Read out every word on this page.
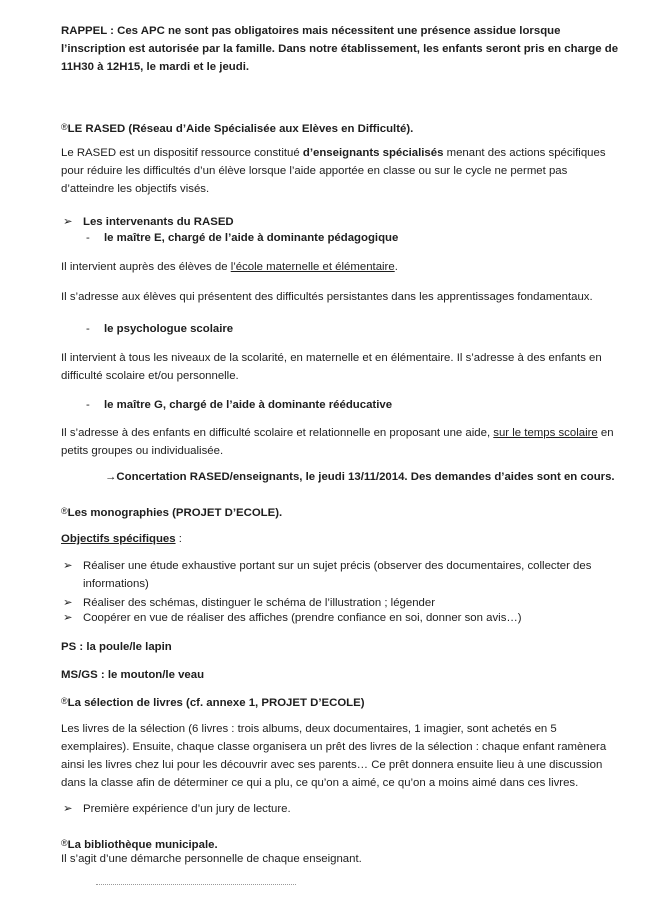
RAPPEL : Ces APC ne sont pas obligatoires mais nécessitent une présence assidue lorsque l’inscription est autorisée par la famille. Dans notre établissement, les enfants seront pris en charge de 11H30 à 12H15, le mardi et le jeudi.

®LE RASED (Réseau d’Aide Spécialisée aux Elèves en Difficulté).

Le RASED est un dispositif ressource constitué d’enseignants spécialisés menant des actions spécifiques pour réduire les difficultés d’un élève lorsque l’aide apportée en classe ou sur le cycle ne permet pas d’atteindre les objectifs visés.

➢ Les intervenants du RASED
- le maître E, chargé de l’aide à dominante pédagogique

Il intervient auprès des élèves de l’école maternelle et élémentaire.

Il s’adresse aux élèves qui présentent des difficultés persistantes dans les apprentissages fondamentaux.

- le psychologue scolaire

Il intervient à tous les niveaux de la scolarité, en maternelle et en élémentaire. Il s’adresse à des enfants en difficulté scolaire et/ou personnelle.

- le maître G, chargé de l’aide à dominante rééducative

Il s’adresse à des enfants en difficulté scolaire et relationnelle en proposant une aide, sur le temps scolaire en petits groupes ou individualisée.

→Concertation RASED/enseignants, le jeudi 13/11/2014. Des demandes d’aides sont en cours.

®Les monographies (PROJET D’ECOLE).

Objectifs spécifiques :

➢ Réaliser une étude exhaustive portant sur un sujet précis (observer des documentaires, collecter des informations)
➢ Réaliser des schémas, distinguer le schéma de l’illustration ; légender
➢ Coopérer en vue de réaliser des affiches (prendre confiance en soi, donner son avis…)

PS : la poule/le lapin

MS/GS : le mouton/le veau

®La sélection de livres (cf. annexe 1, PROJET D’ECOLE)

Les livres de la sélection (6 livres : trois albums, deux documentaires, 1 imagier, sont achetés en 5 exemplaires). Ensuite, chaque classe organisera un prêt des livres de la sélection : chaque enfant ramènera ainsi les livres chez lui pour les découvrir avec ses parents… Ce prêt donnera ensuite lieu à une discussion dans la classe afin de déterminer ce qui a plu, ce qu’on a aimé, ce qu’on a moins aimé dans ces livres.

➢ Première expérience d’un jury de lecture.

®La bibliothèque municipale.

Il s’agit d’une démarche personnelle de chaque enseignant.
